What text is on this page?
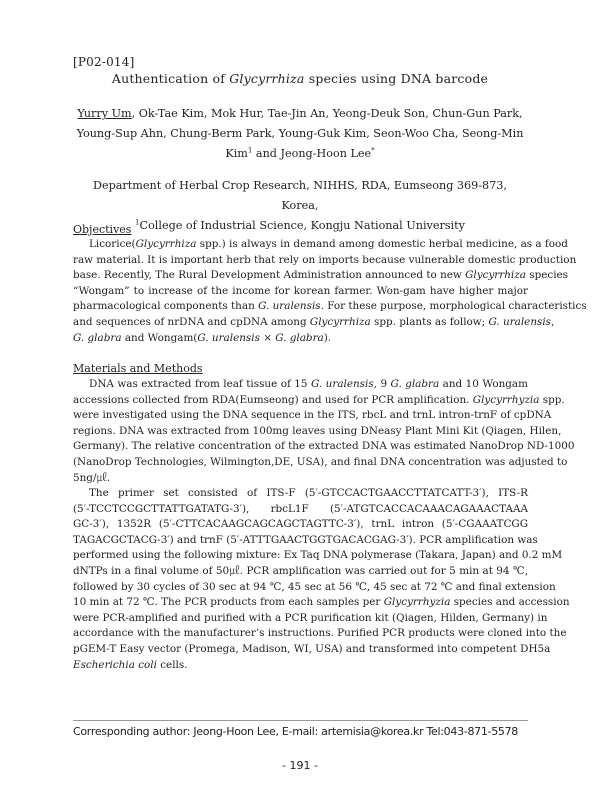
[P02-014]
Authentication of Glycyrrhiza species using DNA barcode
Yurry Um, Ok-Tae Kim, Mok Hur, Tae-Jin An, Yeong-Deuk Son, Chun-Gun Park,
Young-Sup Ahn, Chung-Berm Park, Young-Guk Kim, Seon-Woo Cha, Seong-Min
Kim$^1$ and Jeong-Hoon Lee*
Department of Herbal Crop Research, NIHHS, RDA, Eumseong 369-873, Korea,
$^1$College of Industrial Science, Kongju National University
Objectives
Licorice(Glycyrrhiza spp.) is always in demand among domestic herbal medicine, as a food
raw material. It is important herb that rely on imports because vulnerable domestic production
base. Recently, The Rural Development Administration announced to new Glycyrrhiza species
“Wongam” to increase of the income for korean farmer. Won-gam have higher major
pharmacological components than G. uralensis. For these purpose, morphological characteristics
and sequences of nrDNA and cpDNA among Glycyrrhiza spp. plants as follow; G. uralensis,
G. glabra and Wongam(G. uralensis × G. glabra).
Materials and Methods
DNA was extracted from leaf tissue of 15 G. uralensis, 9 G. glabra and 10 Wongam
accessions collected from RDA(Eumseong) and used for PCR amplification. Glycyrrhyzia spp.
were investigated using the DNA sequence in the ITS, rbcL and trnL intron-trnF of cpDNA
regions. DNA was extracted from 100mg leaves using DNeasy Plant Mini Kit (Qiagen, Hilen,
Germany). The relative concentration of the extracted DNA was estimated NanoDrop ND-1000
(NanoDrop Technologies, Wilmington,DE, USA), and final DNA concentration was adjusted to
5ng/㎕.
The primer set consisted of ITS-F (5′-GTCCACTGAACCTTATCATT-3′), ITS-R
(5′-TCCTCCGCTTATTGATATG-3′), rbcL1F (5′-ATGTCACCACAAACAGAAACTAAA
GC-3′), 1352R (5′-CTTCACAAGCAGCAGCTAGTTC-3′), trnL intron (5′-CGAAATCGG
TAGACGCTACG-3′) and trnF (5′-ATTTGAACTGGTGACACGAG-3′). PCR amplification was
performed using the following mixture: Ex Taq DNA polymerase (Takara, Japan) and 0.2 mM
dNTPs in a final volume of 50㎕. PCR amplification was carried out for 5 min at 94 ℃,
followed by 30 cycles of 30 sec at 94 ℃, 45 sec at 56 ℃, 45 sec at 72 ℃ and final extension
10 min at 72 ℃. The PCR products from each samples per Glycyrrhyzia species and accession
were PCR-amplified and purified with a PCR purification kit (Qiagen, Hilden, Germany) in
accordance with the manufacturer’s instructions. Purified PCR products were cloned into the
pGEM-T Easy vector (Promega, Madison, WI, USA) and transformed into competent DH5a
Escherichia coli cells.
Corresponding author: Jeong-Hoon Lee, E-mail: artemisia@korea.kr Tel:043-871-5578
- 191 -
